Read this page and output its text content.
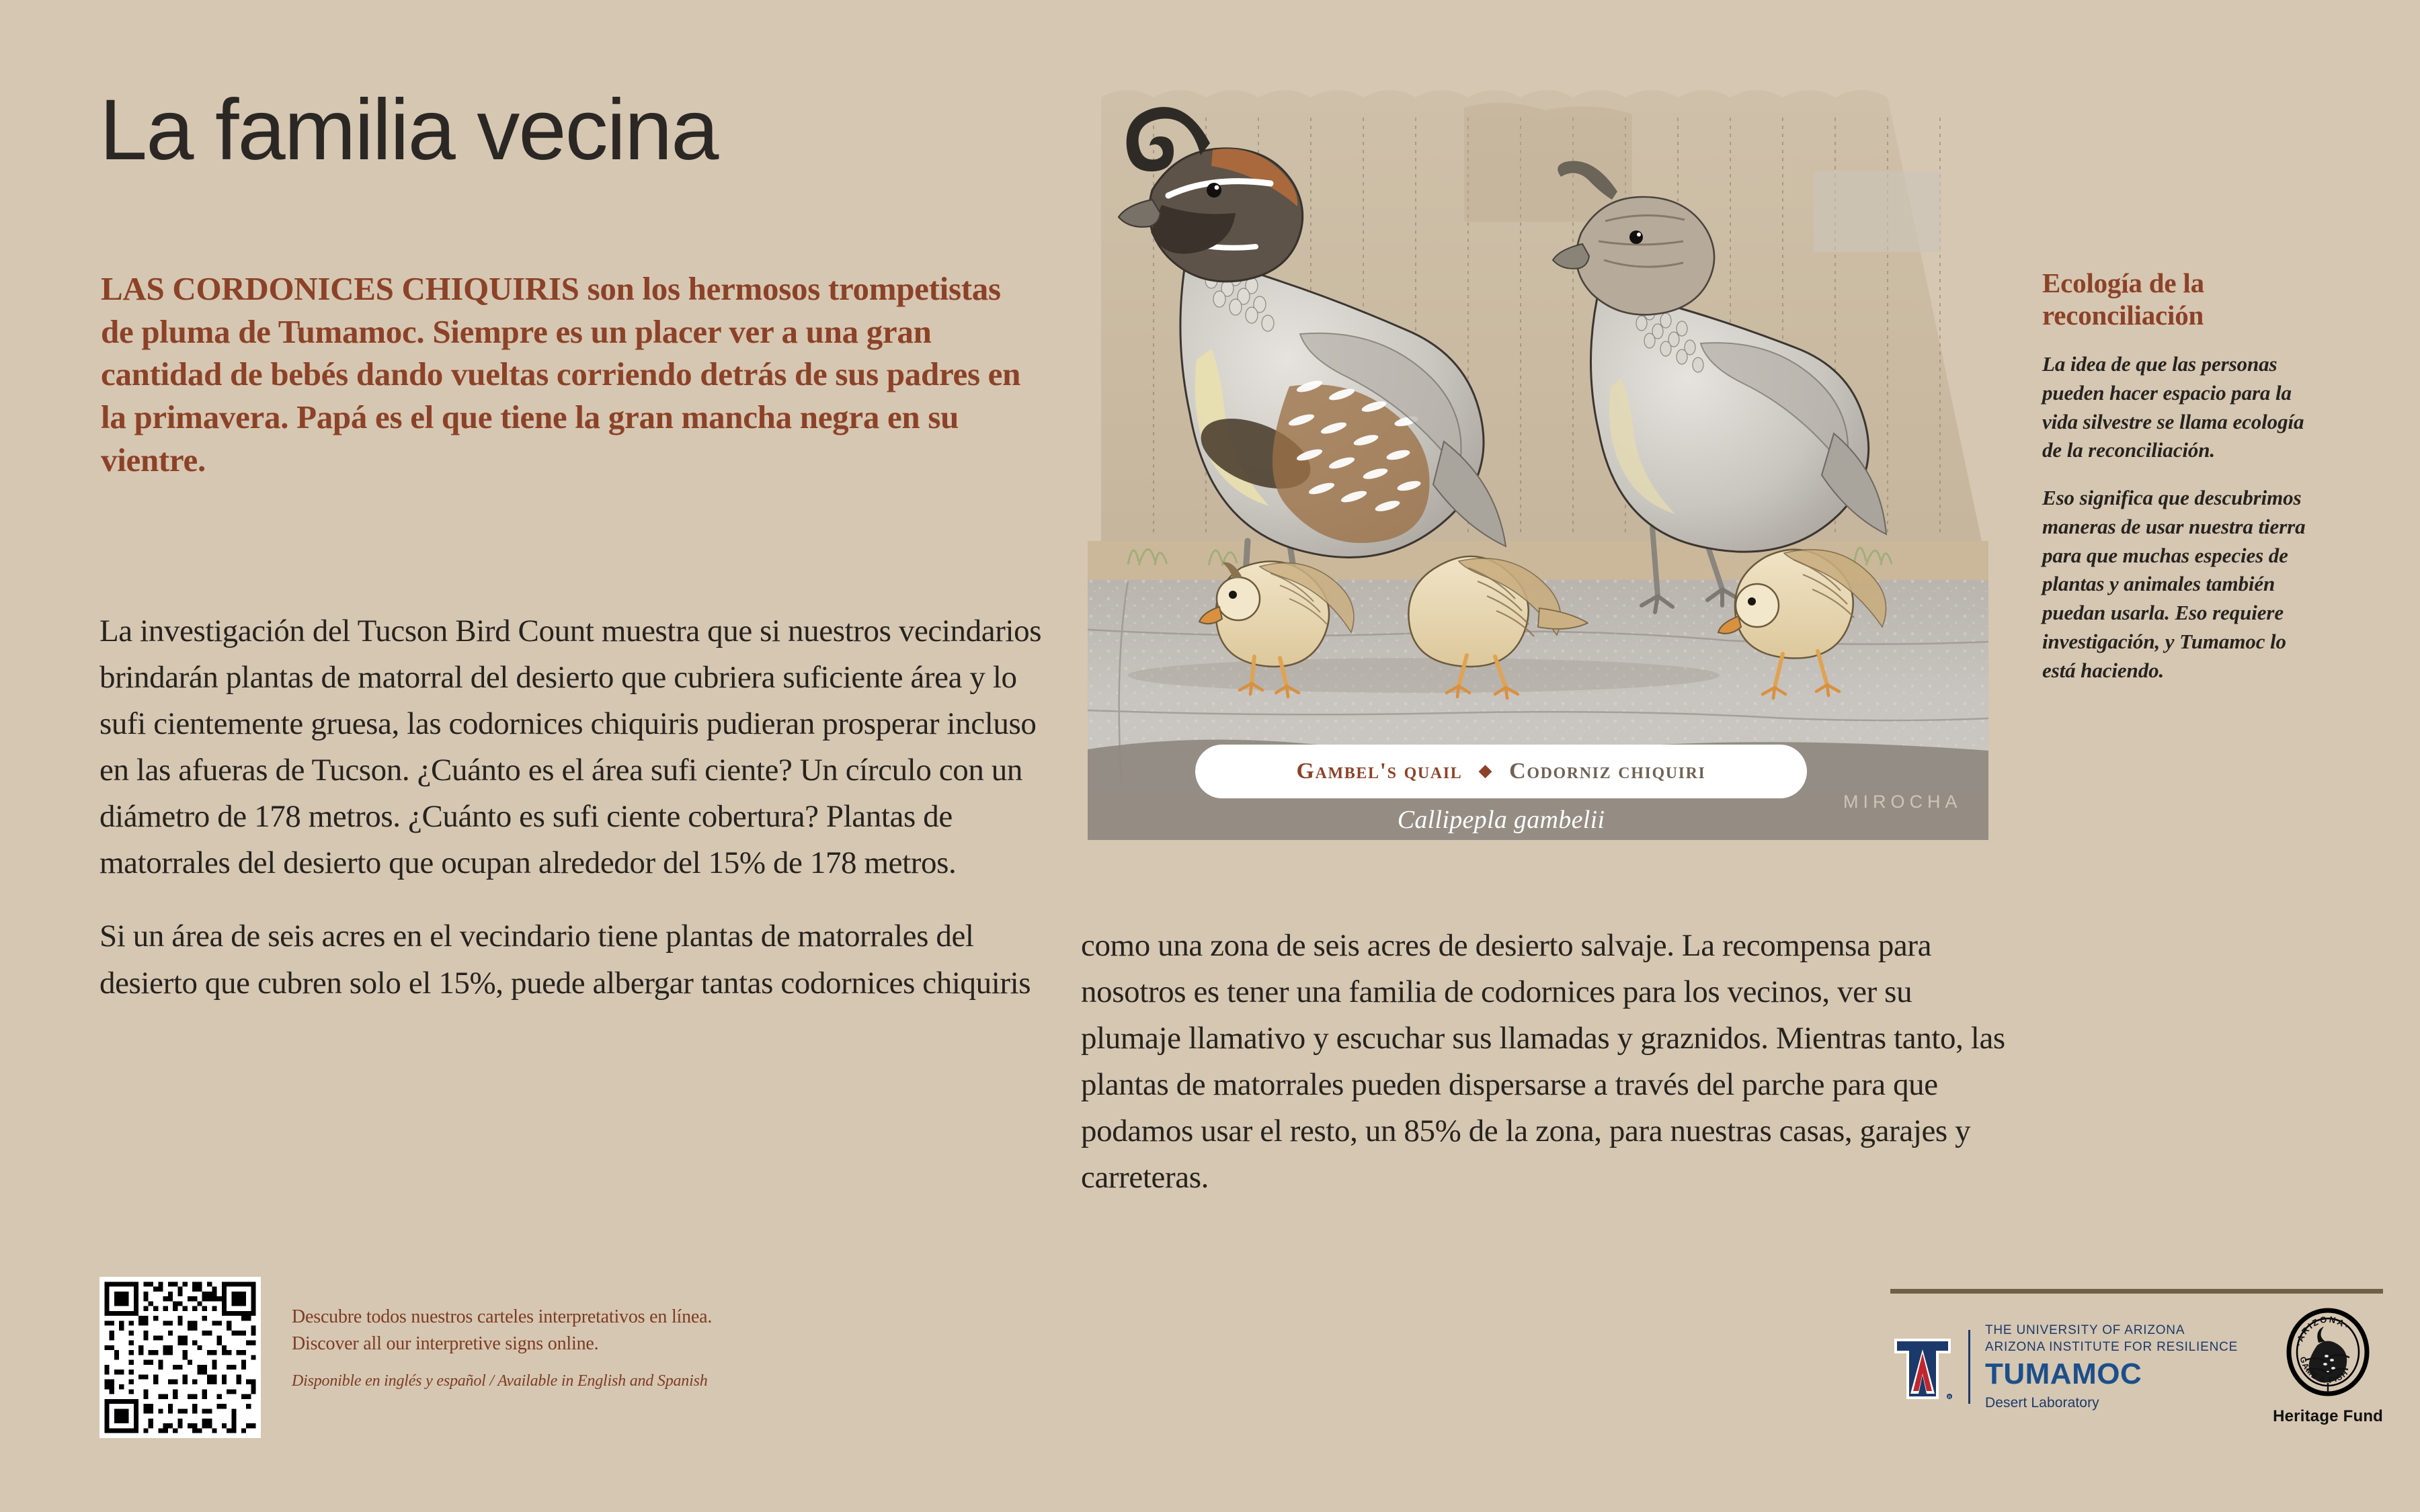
La familia vecina
LAS CORDONICES CHIQUIRIS son los hermosos trompetistas de pluma de Tumamoc. Siempre es un placer ver a una gran cantidad de bebés dando vueltas corriendo detrás de sus padres en la primavera. Papá es el que tiene la gran mancha negra en su vientre.

La investigación del Tucson Bird Count muestra que si nuestros vecindarios brindarán plantas de matorral del desierto que cubriera suficiente área y lo sufi cientemente gruesa, las codornices chiquiris pudieran prosperar incluso en las afueras de Tucson. ¿Cuánto es el área sufi ciente? Un círculo con un diámetro de 178 metros. ¿Cuánto es sufi ciente cobertura? Plantas de matorrales del desierto que ocupan alrededor del 15% de 178 metros.

Si un área de seis acres en el vecindario tiene plantas de matorrales del desierto que cubren solo el 15%, puede albergar tantas codornices chiquiris

como una zona de seis acres de desierto salvaje. La recompensa para nosotros es tener una familia de codornices para los vecinos, ver su plumaje llamativo y escuchar sus llamadas y graznidos. Mientras tanto, las plantas de matorrales pueden dispersarse a través del parche para que podamos usar el resto, un 85% de la zona, para nuestras casas, garajes y carreteras.

Ecología de la reconciliación
La idea de que las personas pueden hacer espacio para la vida silvestre se llama ecología de la reconciliación.
Eso significa que descubrimos maneras de usar nuestra tierra para que muchas especies de plantas y animales también puedan usarla. Eso requiere investigación, y Tumamoc lo está haciendo.
Gambel's quail ◆ Codorniz chiquiri
Callipepla gambelii
MIROCHA
Descubre todos nuestros carteles interpretativos en línea.
Discover all our interpretive signs online.
Disponible en inglés y español / Available in English and Spanish
R
THE UNIVERSITY OF ARIZONA
ARIZONA INSTITUTE FOR RESILIENCE
TUMAMOC
Desert Laboratory
·ARIZONA·
GAME & FISH
Heritage Fund
